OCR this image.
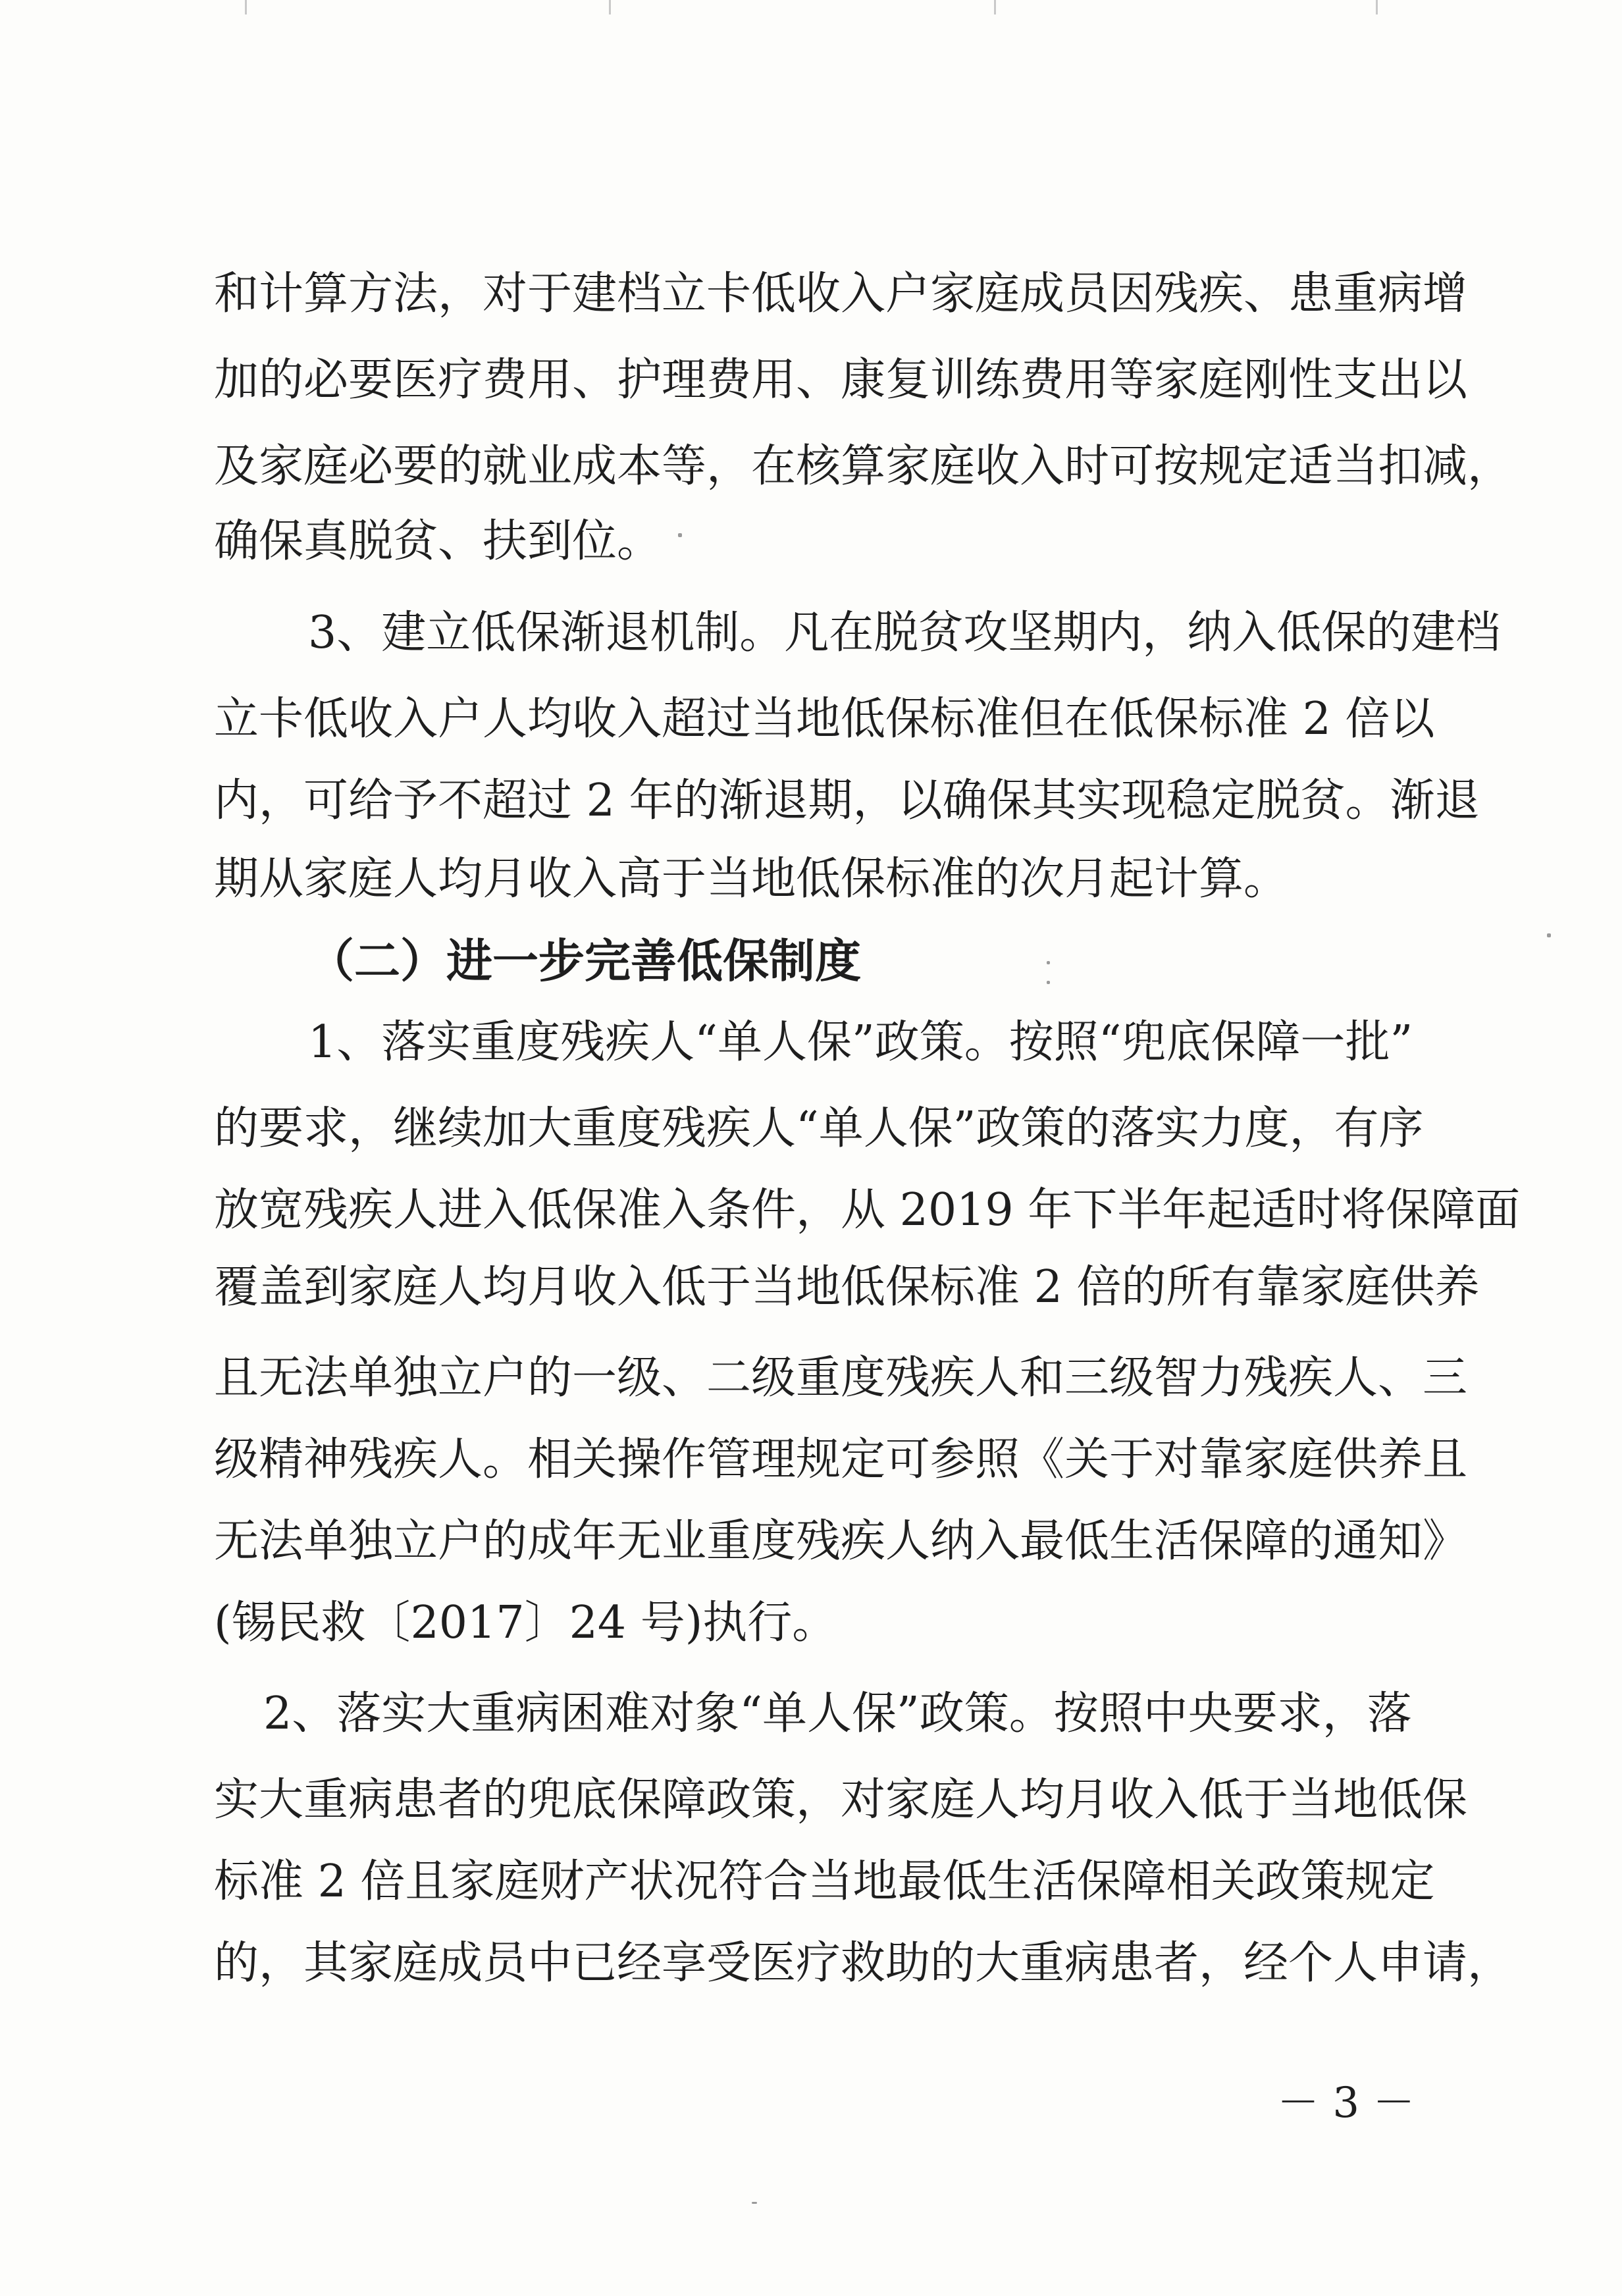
和计算方法，对于建档立卡低收入户家庭成员因残疾、患重病增
加的必要医疗费用、护理费用、康复训练费用等家庭刚性支出以
及家庭必要的就业成本等，在核算家庭收入时可按规定适当扣减，
确保真脱贫、扶到位。
3、建立低保渐退机制。凡在脱贫攻坚期内，纳入低保的建档
立卡低收入户人均收入超过当地低保标准但在低保标准 2 倍以
内，可给予不超过 2 年的渐退期，以确保其实现稳定脱贫。渐退
期从家庭人均月收入高于当地低保标准的次月起计算。
（二）进一步完善低保制度
1、落实重度残疾人“单人保”政策。按照“兜底保障一批”
的要求，继续加大重度残疾人“单人保”政策的落实力度，有序
放宽残疾人进入低保准入条件，从 2019 年下半年起适时将保障面
覆盖到家庭人均月收入低于当地低保标准 2 倍的所有靠家庭供养
且无法单独立户的一级、二级重度残疾人和三级智力残疾人、三
级精神残疾人。相关操作管理规定可参照《关于对靠家庭供养且
无法单独立户的成年无业重度残疾人纳入最低生活保障的通知》
(锡民救〔2017〕24 号)执行。
2、落实大重病困难对象“单人保”政策。按照中央要求，落
实大重病患者的兜底保障政策，对家庭人均月收入低于当地低保
标准 2 倍且家庭财产状况符合当地最低生活保障相关政策规定
的，其家庭成员中已经享受医疗救助的大重病患者，经个人申请，
－ 3 －
